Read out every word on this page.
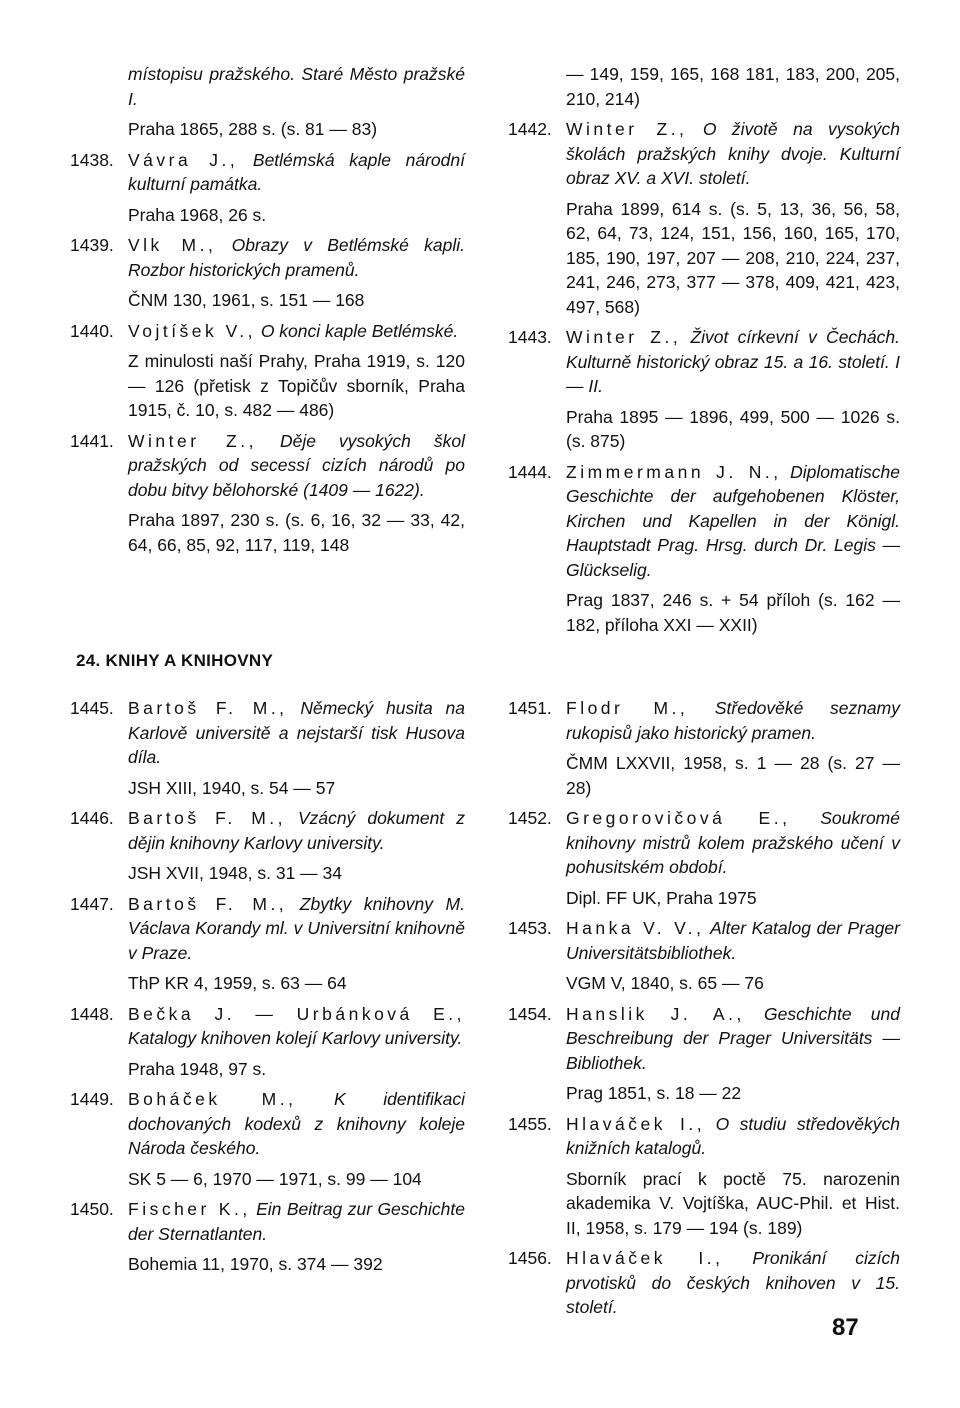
místopisu pražského. Staré Město pražské I.

Praha 1865, 288 s. (s. 81 — 83)

1438. Vávra J., Betlémská kaple národní kulturní památka.

Praha 1968, 26 s.

1439. Vlk M., Obrazy v Betlémské kapli. Rozbor historických pramenů.

ČNM 130, 1961, s. 151 — 168

1440. Vojtíšek V., O konci kaple Betlémské.

Z minulosti naší Prahy, Praha 1919, s. 120 — 126 (přetisk z Topičův sborník, Praha 1915, č. 10, s. 482 — 486)

1441. Winter Z., Děje vysokých škol pražských od secessí cizích národů po dobu bitvy bělohorské (1409 — 1622).

Praha 1897, 230 s. (s. 6, 16, 32 — 33, 42, 64, 66, 85, 92, 117, 119, 148

— 149, 159, 165, 168 181, 183, 200, 205, 210, 214)

1442. Winter Z., O životě na vysokých školách pražských knihy dvoje. Kulturní obraz XV. a XVI. století.

Praha 1899, 614 s. (s. 5, 13, 36, 56, 58, 62, 64, 73, 124, 151, 156, 160, 165, 170, 185, 190, 197, 207 — 208, 210, 224, 237, 241, 246, 273, 377 — 378, 409, 421, 423, 497, 568)

1443. Winter Z., Život církevní v Čechách. Kulturně historický obraz 15. a 16. století. I — II.

Praha 1895 — 1896, 499, 500 — 1026 s. (s. 875)

1444. Zimmermann J. N., Diplomatische Geschichte der aufgehobenen Klöster, Kirchen und Kapellen in der Königl. Hauptstadt Prag. Hrsg. durch Dr. Legis — Glückselig.

Prag 1837, 246 s. + 54 příloh (s. 162 — 182, příloha XXI — XXII)

24. KNIHY A KNIHOVNY
1445. Bartoš F. M., Německý husita na Karlově universitě a nejstarší tisk Husova díla.

JSH XIII, 1940, s. 54 — 57

1446. Bartoš F. M., Vzácný dokument z dějin knihovny Karlovy university.

JSH XVII, 1948, s. 31 — 34

1447. Bartoš F. M., Zbytky knihovny M. Václava Korandy ml. v Universitní knihovně v Praze.

ThP KR 4, 1959, s. 63 — 64

1448. Bečka J. — Urbánková E., Katalogy knihoven kolejí Karlovy university.

Praha 1948, 97 s.

1449. Boháček M., K identifikaci dochovaných kodexů z knihovny koleje Národa českého.

SK 5 — 6, 1970 — 1971, s. 99 — 104

1450. Fischer K., Ein Beitrag zur Geschichte der Sternatlanten.

Bohemia 11, 1970, s. 374 — 392

1451. Flodr M., Středověké seznamy rukopisů jako historický pramen.

ČMM LXXVII, 1958, s. 1 — 28 (s. 27 — 28)

1452. Gregorovičová E., Soukromé knihovny mistrů kolem pražského učení v pohusitském období.

Dipl. FF UK, Praha 1975

1453. Hanka V. V., Alter Katalog der Prager Universitätsbibliothek.

VGM V, 1840, s. 65 — 76

1454. Hanslik J. A., Geschichte und Beschreibung der Prager Universitäts — Bibliothek.

Prag 1851, s. 18 — 22

1455. Hlaváček I., O studiu středověkých knižních katalogů.

Sborník prací k poctě 75. narozenin akademika V. Vojtíška, AUC-Phil. et Hist. II, 1958, s. 179 — 194 (s. 189)

1456. Hlaváček I., Pronikání cizích prvotisků do českých knihoven v 15. století.

87
